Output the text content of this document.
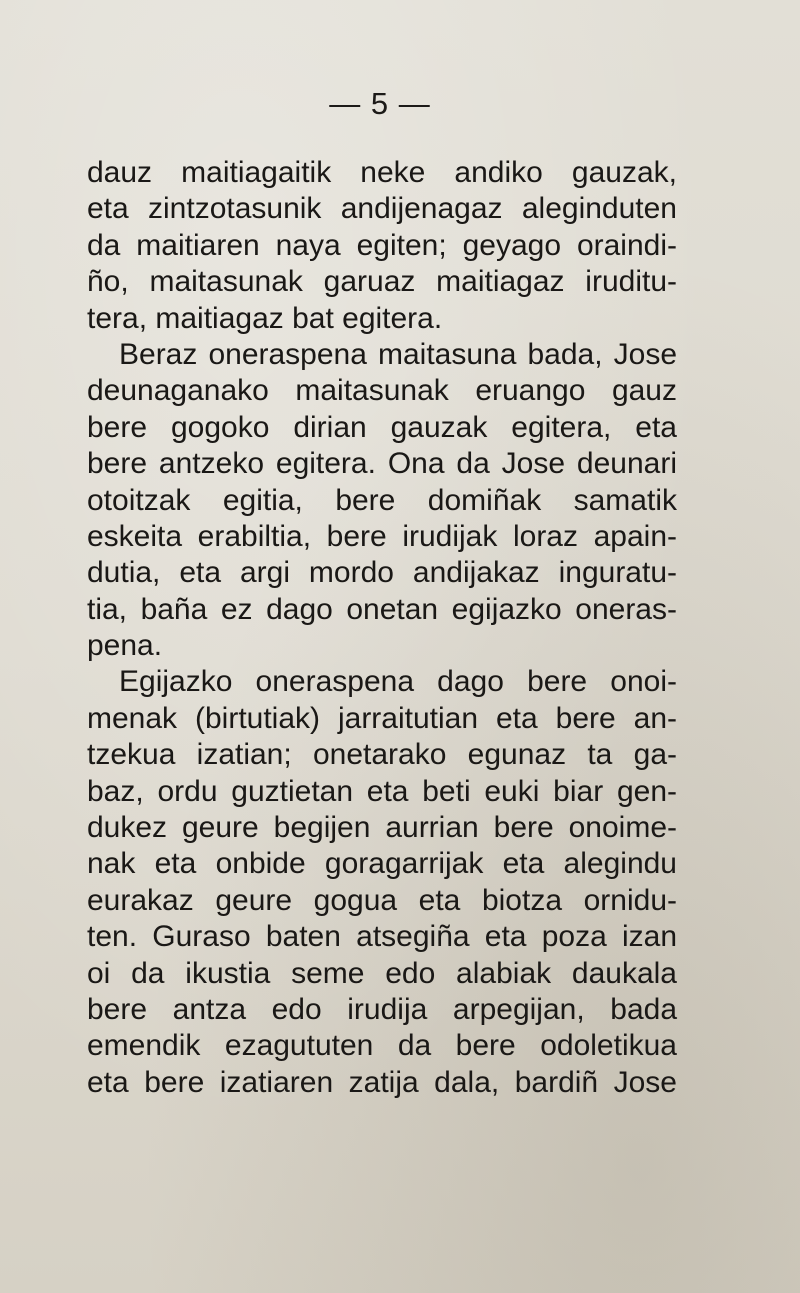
— 5 —
dauz maitiagaitik neke andiko gauzak,
eta zintzotasunik andijenagaz aleginduten
da maitiaren naya egiten; geyago oraindi-
ño, maitasunak garuaz maitiagaz iruditu-
tera, maitiagaz bat egitera.
Beraz oneraspena maitasuna bada, Jose
deunaganako maitasunak eruango gauz
bere gogoko dirian gauzak egitera, eta
bere antzeko egitera. Ona da Jose deunari
otoitzak egitia, bere domiñak samatik
eskeita erabiltia, bere irudijak loraz apain-
dutia, eta argi mordo andijakaz inguratu-
tia, baña ez dago onetan egijazko oneras-
pena.
Egijazko oneraspena dago bere onoi-
menak (birtutiak) jarraitutian eta bere an-
tzekua izatian; onetarako egunaz ta ga-
baz, ordu guztietan eta beti euki biar gen-
dukez geure begijen aurrian bere onoime-
nak eta onbide goragarrijak eta alegindu
eurakaz geure gogua eta biotza ornidu-
ten. Guraso baten atsegiña eta poza izan
oi da ikustia seme edo alabiak daukala
bere antza edo irudija arpegijan, bada
emendik ezagututen da bere odoletikua
eta bere izatiaren zatija dala, bardiñ Jose
